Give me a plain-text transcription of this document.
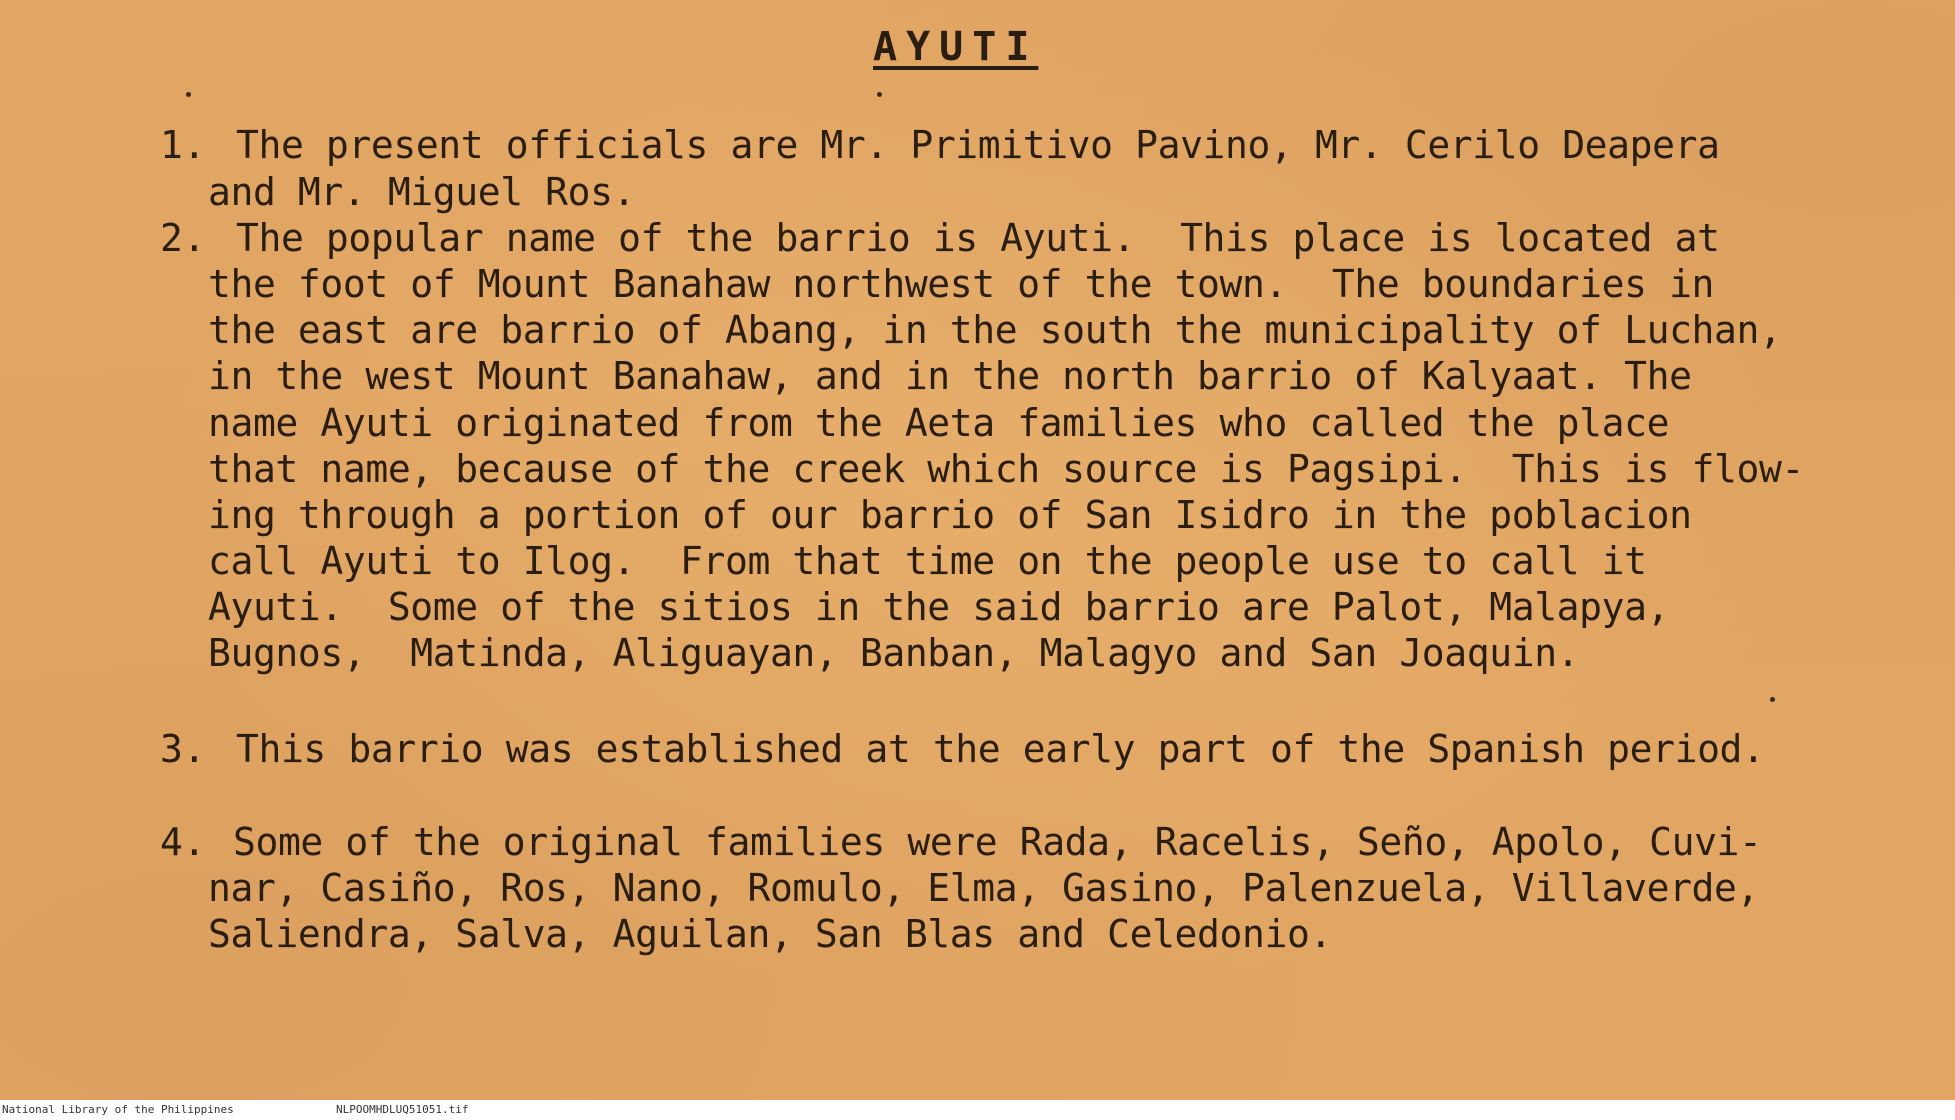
AYUTI

1. The present officials are Mr. Primitivo Pavino, Mr. Cerilo Deapera

and Mr. Miguel Ros.

2. The popular name of the barrio is Ayuti.  This place is located at

the foot of Mount Banahaw northwest of the town.  The boundaries in

the east are barrio of Abang, in the south the municipality of Luchan,

in the west Mount Banahaw, and in the north barrio of Kalyaat. The

name Ayuti originated from the Aeta families who called the place

that name, because of the creek which source is Pagsipi.  This is flow-

ing through a portion of our barrio of San Isidro in the poblacion

call Ayuti to Ilog.  From that time on the people use to call it

Ayuti.  Some of the sitios in the said barrio are Palot, Malapya,

Bugnos,  Matinda, Aliguayan, Banban, Malagyo and San Joaquin.

3. This barrio was established at the early part of the Spanish period.

4. Some of the original families were Rada, Racelis, Seño, Apolo, Cuvi-

nar, Casiño, Ros, Nano, Romulo, Elma, Gasino, Palenzuela, Villaverde,

Saliendra, Salva, Aguilan, San Blas and Celedonio.

National Library of the Philippines	NLPOOMHDLUQ51051.tif
